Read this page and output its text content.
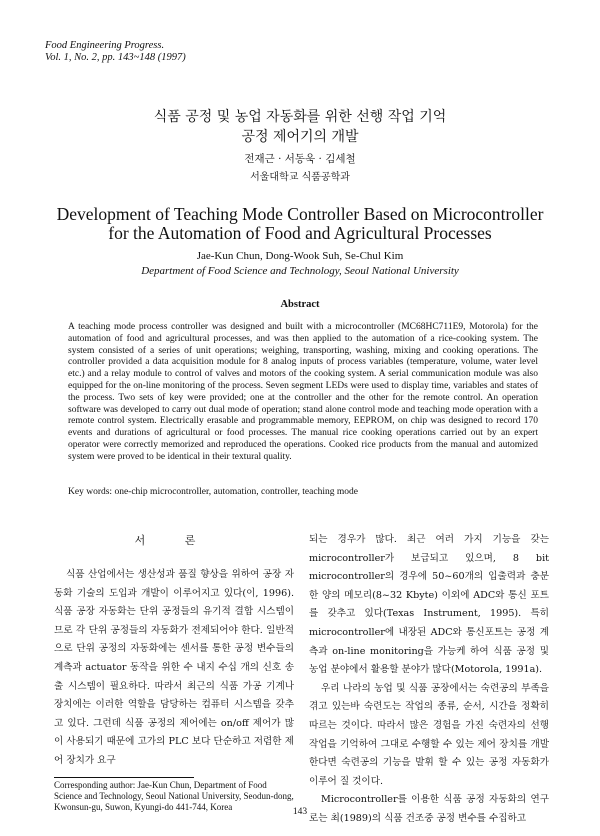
Food Engineering Progress.
Vol. 1, No. 2, pp. 143~148 (1997)
식품 공정 및 농업 자동화를 위한 선행 작업 기억
공정 제어기의 개발
전재근 · 서동욱 · 김세철
서울대학교 식품공학과
Development of Teaching Mode Controller Based on Microcontroller
for the Automation of Food and Agricultural Processes
Jae-Kun Chun, Dong-Wook Suh, Se-Chul Kim
Department of Food Science and Technology, Seoul National University
Abstract
A teaching mode process controller was designed and built with a microcontroller (MC68HC711E9, Motorola) for the automation of food and agricultural processes, and was then applied to the automation of a rice-cooking system. The system consisted of a series of unit operations; weighing, transporting, washing, mixing and cooking operations. The controller provided a data acquisition module for 8 analog inputs of process variables (temperature, volume, water level etc.) and a relay module to control of valves and motors of the cooking system. A serial communication module was also equipped for the on-line monitoring of the process. Seven segment LEDs were used to display time, variables and states of the process. Two sets of key were provided; one at the controller and the other for the remote control. An operation software was developed to carry out dual mode of operation; stand alone control mode and teaching mode operation with a remote control system. Electrically erasable and programmable memory, EEPROM, on chip was designed to record 170 events and durations of agricultural or food processes. The manual rice cooking operations carried out by an expert operator were correctly memorized and reproduced the operations. Cooked rice products from the manual and automized system were proved to be identical in their textural quality.
Key words: one-chip microcontroller, automation, controller, teaching mode
서 론

식품 산업에서는 생산성과 품질 향상을 위하여 공장 자동화 기술의 도입과 개발이 이루어지고 있다(이, 1996). 식품 공장 자동화는 단위 공정들의 유기적 결합 시스템이므로 각 단위 공정들의 자동화가 전제되어야 한다. 일반적으로 단위 공정의 자동화에는 센서를 통한 공정 변수들의 계측과 actuator 동작을 위한 수 내지 수십 개의 신호 송출 시스템이 필요하다. 따라서 최근의 식품 가공 기계나 장치에는 이러한 역할을 담당하는 컴퓨터 시스템을 갖추고 있다. 그런데 식품 공정의 제어에는 on/off 제어가 많이 사용되기 때문에 고가의 PLC 보다 단순하고 저렴한 제어 장치가 요구

되는 경우가 많다. 최근 여러 가지 기능을 갖는 microcontroller가 보급되고 있으며, 8 bit microcontroller의 경우에 50~60개의 입출력과 충분한 양의 메모리(8~32 Kbyte) 이외에 ADC와 통신 포트를 갖추고 있다(Texas Instrument, 1995). 특히 microcontroller에 내장된 ADC와 통신포트는 공정 계측과 on-line monitoring을 가능케 하여 식품 공정 및 농업 분야에서 활용할 분야가 많다(Motorola, 1991a).

우리 나라의 농업 및 식품 공장에서는 숙련공의 부족을 겪고 있는바 숙련도는 작업의 종류, 순서, 시간을 정확히 따르는 것이다. 따라서 많은 경험을 가진 숙련자의 선행 작업을 기억하여 그대로 수행할 수 있는 제어 장치를 개발한다면 숙련공의 기능을 발휘 할 수 있는 공정 자동화가 이루어 질 것이다.

Microcontroller를 이용한 식품 공정 자동화의 연구로는 최(1989)의 식품 건조중 공정 변수를 수집하고

Corresponding author: Jae-Kun Chun, Department of Food Science and Technology, Seoul National University, Seodun-dong, Kwonsun-gu, Suwon, Kyungi-do 441-744, Korea	143
